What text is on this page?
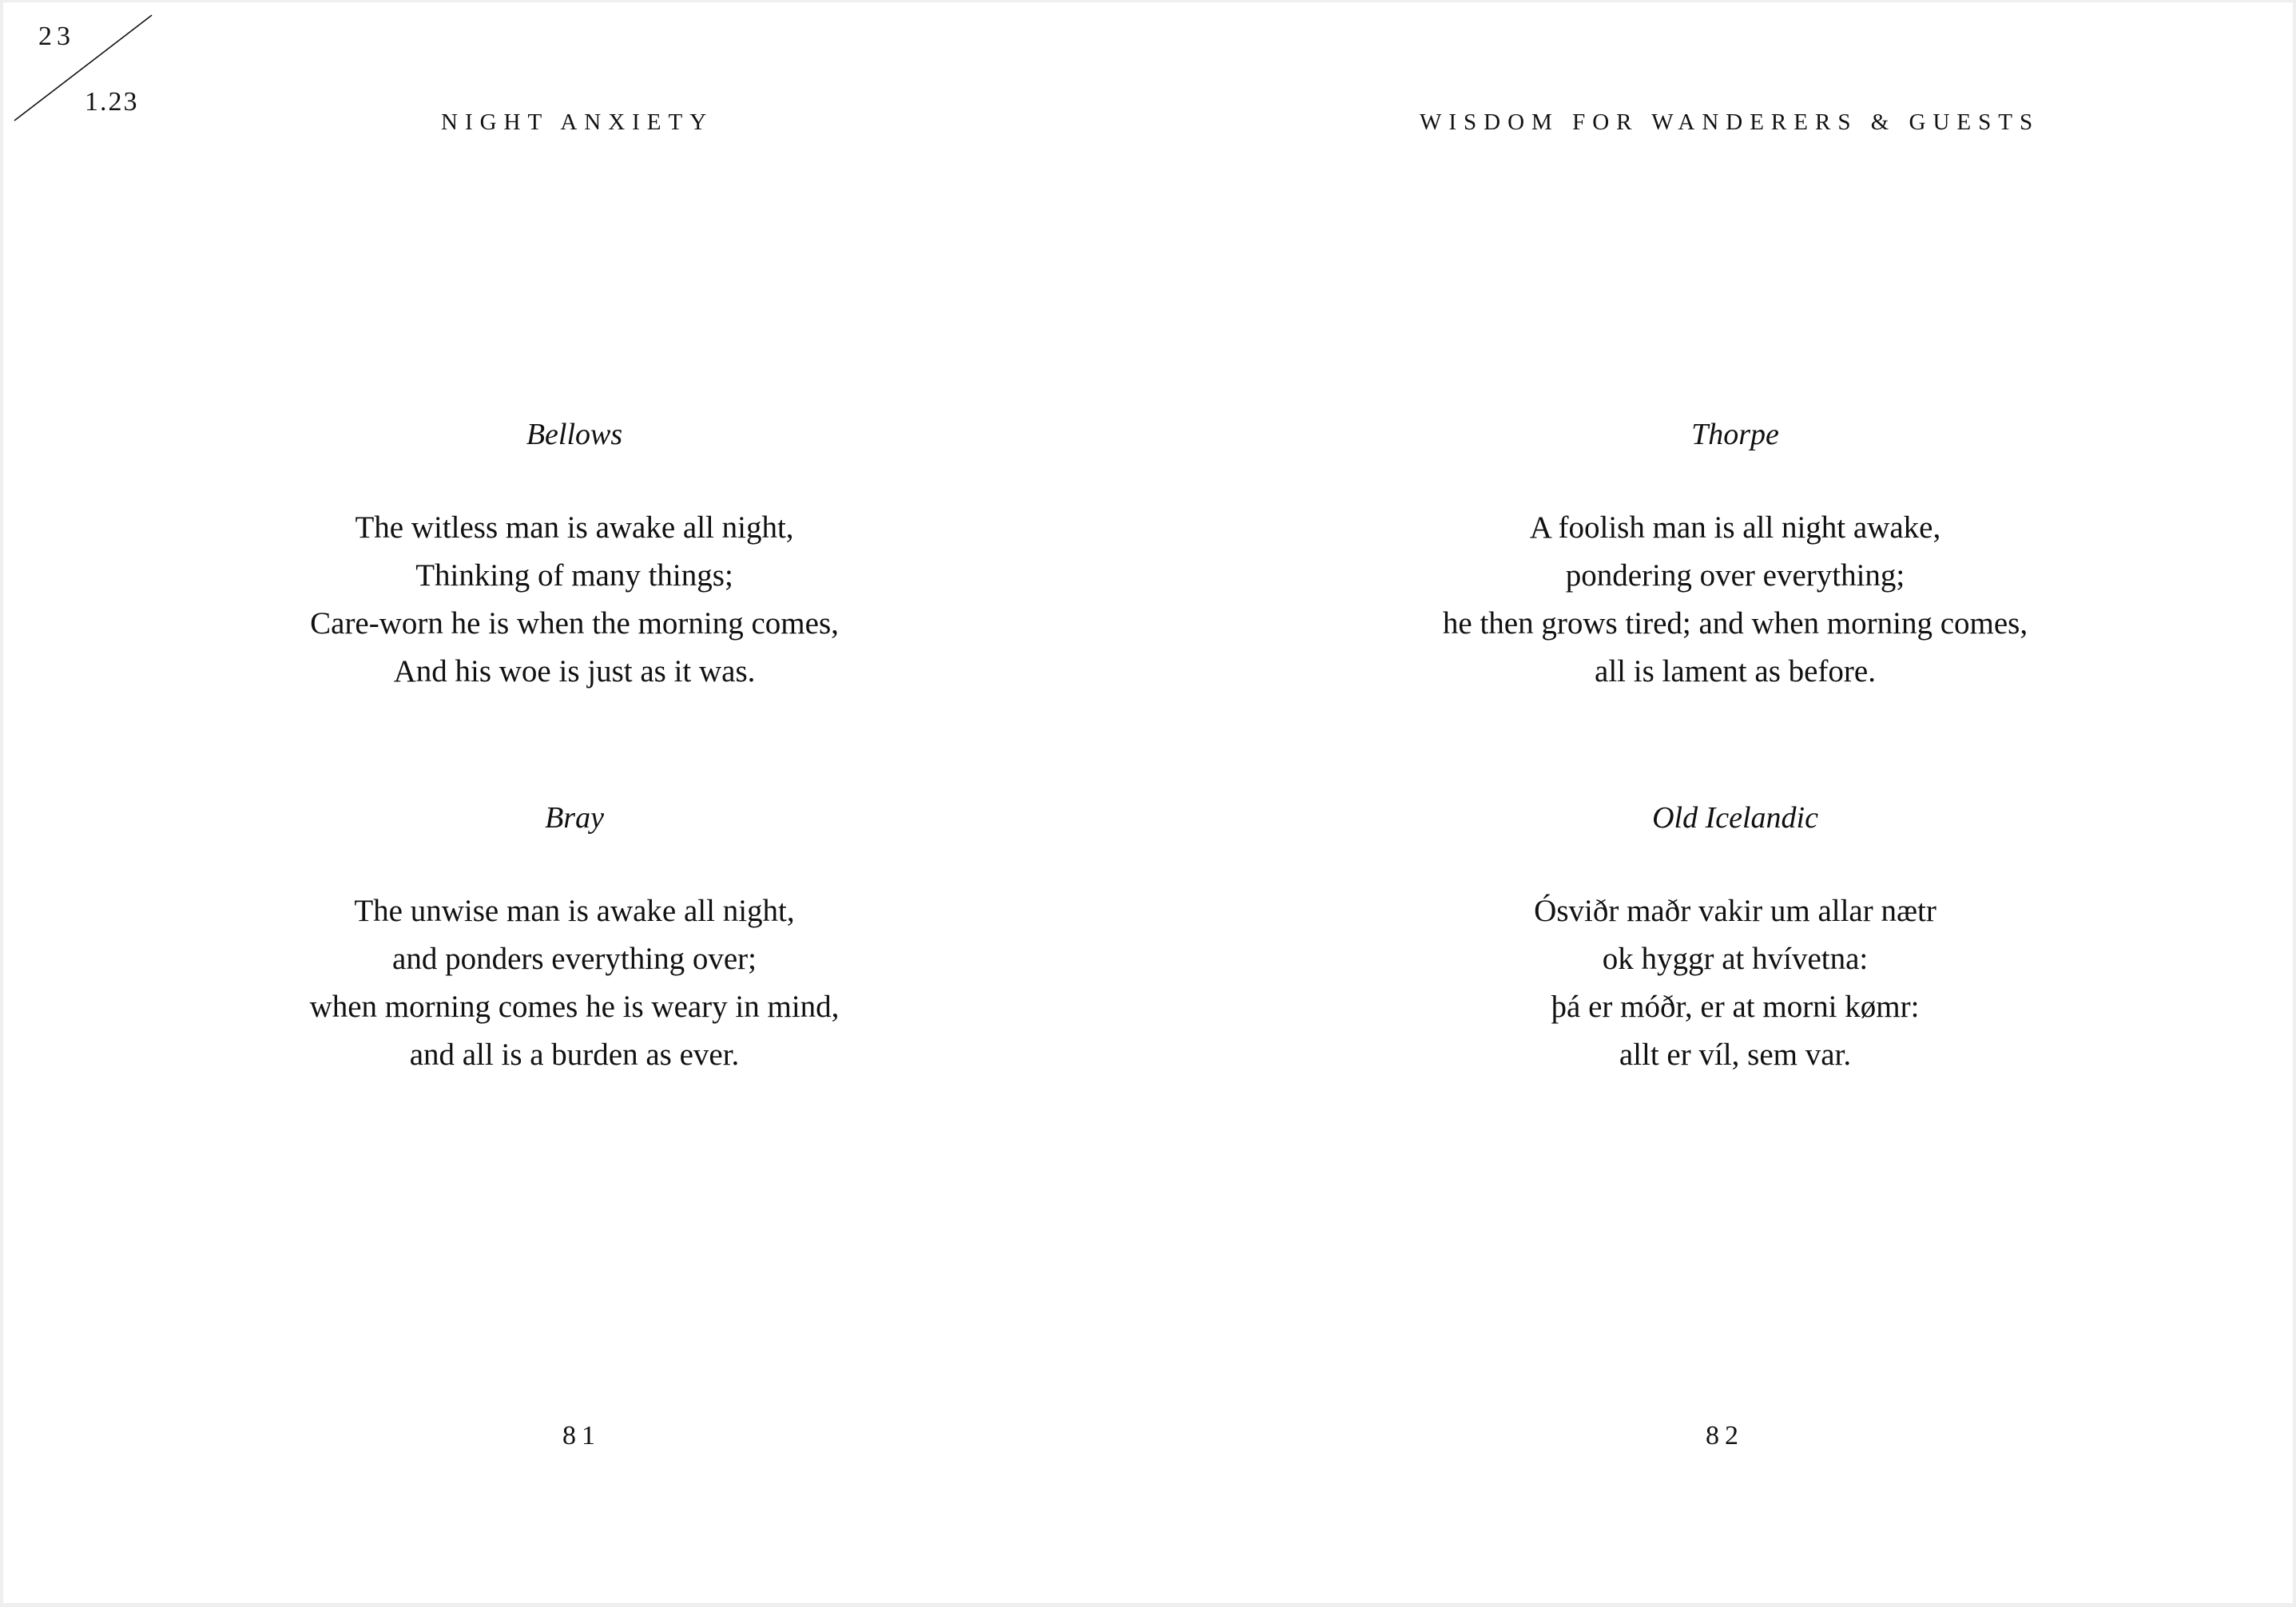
23
1.23
NIGHT ANXIETY

Bellows

The witless man is awake all night,
Thinking of many things;
Care-worn he is when the morning comes,
And his woe is just as it was.

Bray

The unwise man is awake all night,
and ponders everything over;
when morning comes he is weary in mind,
and all is a burden as ever.
81
WISDOM FOR WANDERERS & GUESTS

Thorpe

A foolish man is all night awake,
pondering over everything;
he then grows tired; and when morning comes,
all is lament as before.

Old Icelandic

Ósviðr maðr vakir um allar nætr
ok hyggr at hvívetna:
þá er móðr, er at morni kømr:
allt er víl, sem var.
82
